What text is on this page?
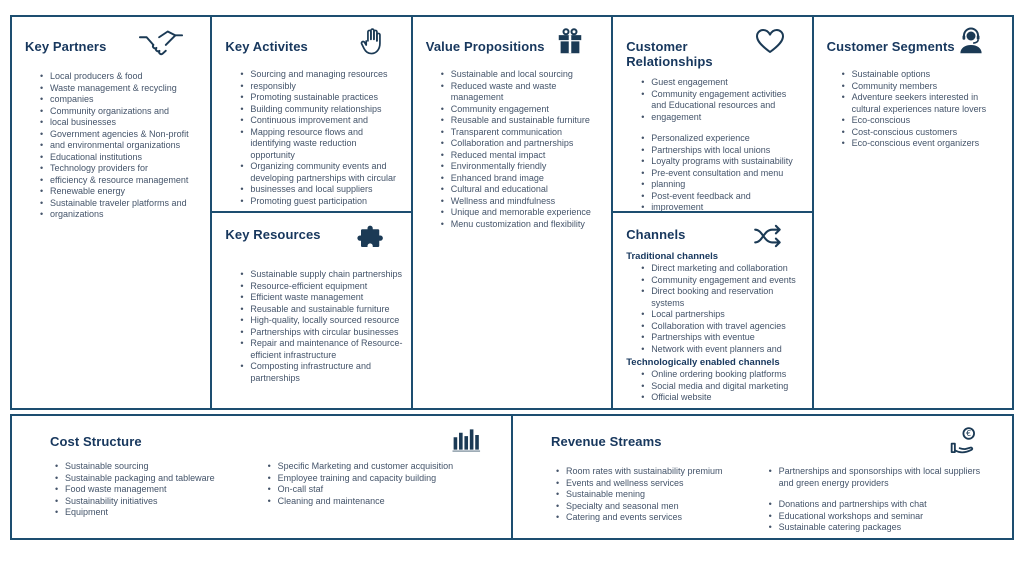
Key Partners
• Local producers & food
• Waste management & recycling
• companies
• Community organizations and
• local businesses
• Government agencies & Non-profit
• and environmental organizations
• Educational institutions
• Technology providers for
• efficiency & resource management
• Renewable energy
• Sustainable traveler platforms and
• organizations
Key Activites
• Sourcing and managing resources
• responsibly
• Promoting sustainable practices
• Building community relationships
• Continuous improvement and
• Mapping resource flows and identifying waste reduction opportunity
• Organizing community events and developing partnerships with circular
• businesses and local suppliers
• Promoting guest participation
Key Resources
• Sustainable supply chain partnerships
• Resource-efficient equipment
• Efficient waste management
• Reusable and sustainable furniture
• High-quality, locally sourced resource
• Partnerships with circular businesses
• Repair and maintenance of Resource-efficient infrastructure
• Composting infrastructure and partnerships
Value Propositions
• Sustainable and local sourcing
• Reduced waste and waste management
• Community engagement
• Reusable and sustainable furniture
• Transparent communication
• Collaboration and partnerships
• Reduced mental impact
• Environmentally friendly
• Enhanced brand image
• Cultural and educational
• Wellness and mindfulness
• Unique and memorable experience
• Menu customization and flexibility
Customer Relationships
• Guest engagement
• Community engagement activities and Educational resources and
• engagement
• Personalized experience
• Partnerships with local unions
• Loyalty programs with sustainability
• Pre-event consultation and menu
• planning
• Post-event feedback and
• improvement
Channels
Traditional channels
• Direct marketing and collaboration
• Community engagement and events
• Direct booking and reservation systems
• Local partnerships
• Collaboration with travel agencies
• Partnerships with eventue
• Network with event planners and
Technologically enabled channels
• Online ordering booking platforms
• Social media and digital marketing
• Official website
Customer Segments
• Sustainable options
• Community members
• Adventure seekers interested in cultural experiences nature lovers
• Eco-conscious
• Cost-conscious customers
• Eco-conscious event organizers
Cost Structure
• Sustainable sourcing
• Sustainable packaging and tableware
• Food waste management
• Sustainability initiatives
• Equipment
• Specific Marketing and customer acquisition
• Employee training and capacity building
• On-call staf
• Cleaning and maintenance
Revenue Streams
€
• Room rates with sustainability premium
• Events and wellness services
• Sustainable mening
• Specialty and seasonal men
• Catering and events services
• Partnerships and sponsorships with local suppliers and green energy providers
• Donations and partnerships with chat
• Educational workshops and seminar
• Sustainable catering packages
